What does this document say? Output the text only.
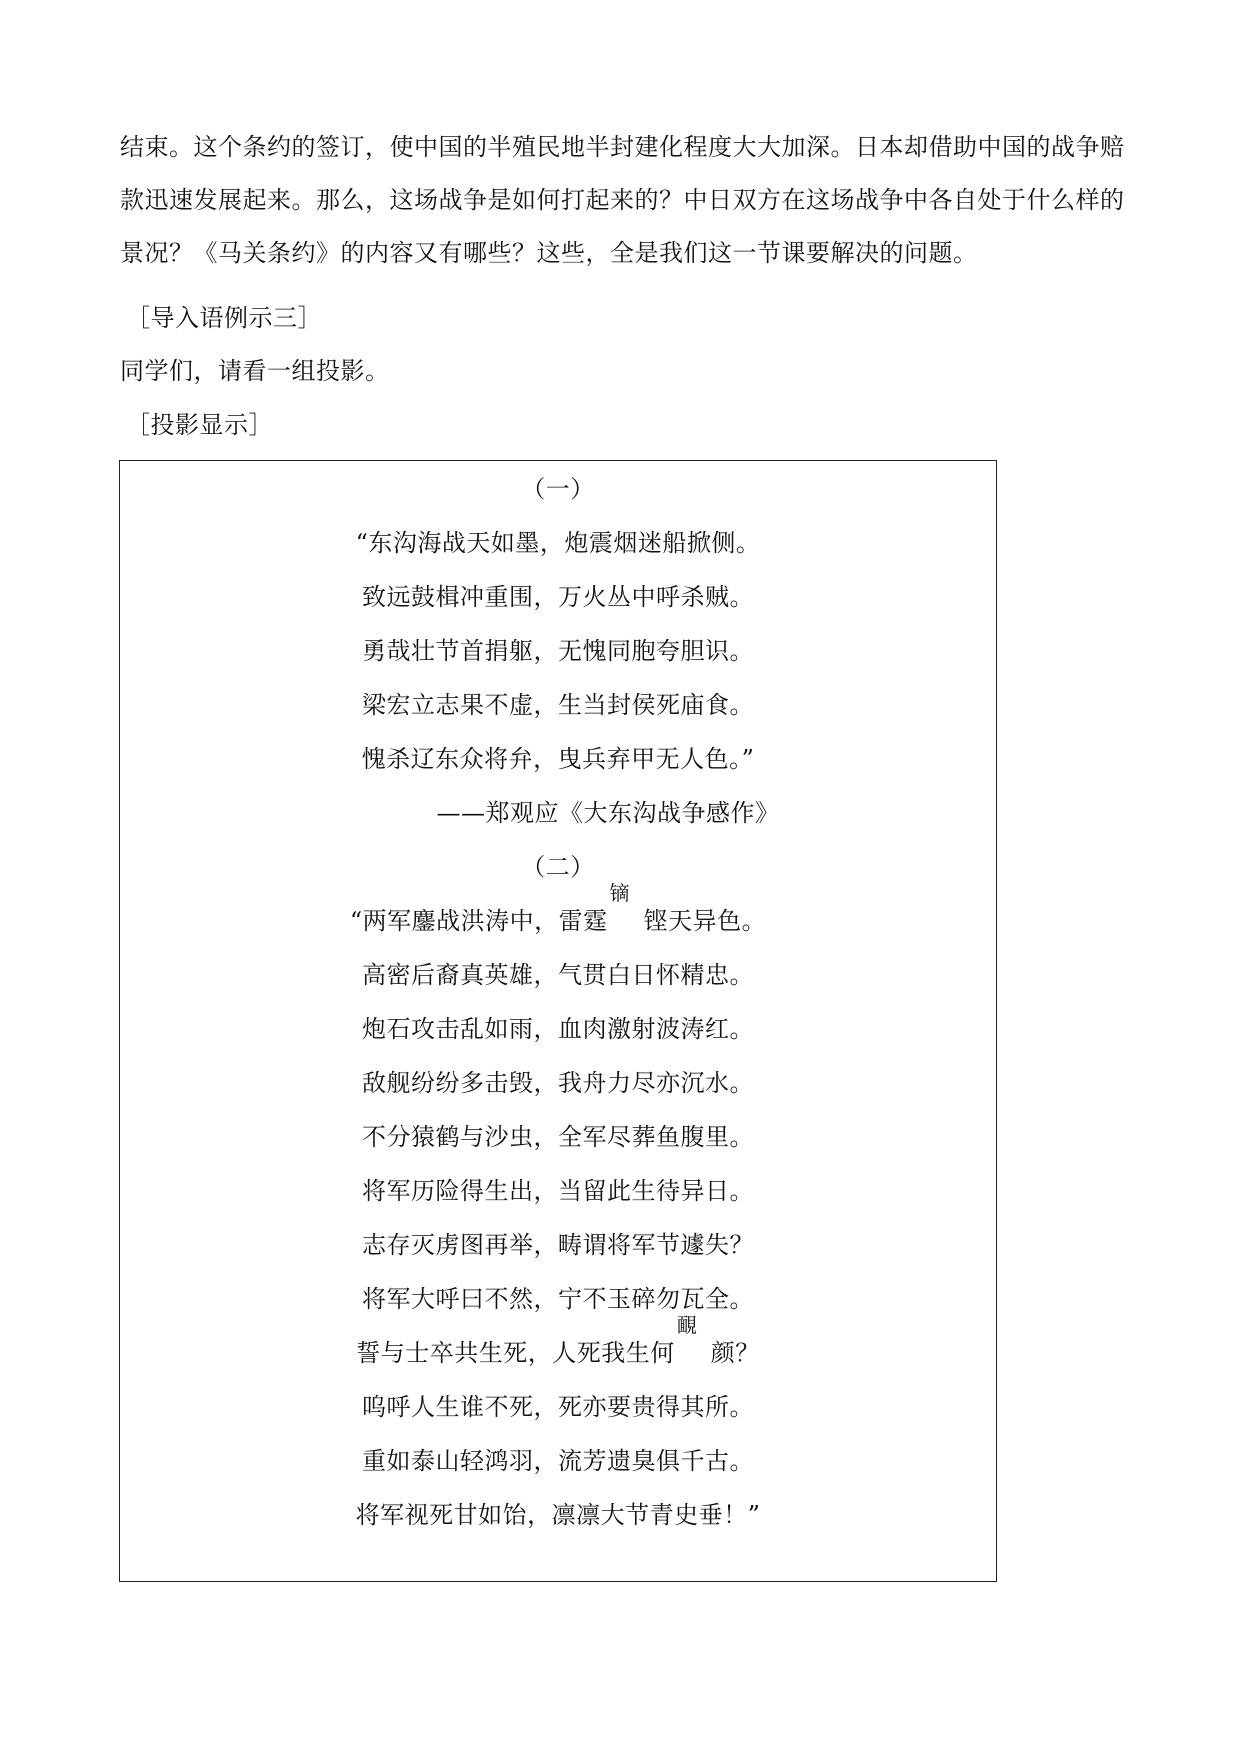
结束。这个条约的签订，使中国的半殖民地半封建化程度大大加深。日本却借助中国的战争赔款迅速发展起来。那么，这场战争是如何打起来的？中日双方在这场战争中各自处于什么样的景况？《马关条约》的内容又有哪些？这些，全是我们这一节课要解决的问题。

［导入语例示三］

同学们，请看一组投影。

［投影显示］

（一）

“东沟海战天如墨，炮震烟迷船掀侧。

致远鼓楫冲重围，万火丛中呼杀贼。

勇哉壮节首捐躯，无愧同胞夸胆识。

梁宏立志果不虚，生当封侯死庙食。

愧杀辽东众将弁，曳兵弃甲无人色。”

——郑观应《大东沟战争感作》

（二）

“两军鏖战洪涛中，雷霆
镝
铿天异色。

高密后裔真英雄，气贯白日怀精忠。

炮石攻击乱如雨，血肉激射波涛红。

敌舰纷纷多击毁，我舟力尽亦沉水。

不分猿鹤与沙虫，全军尽葬鱼腹里。

将军历险得生出，当留此生待异日。

志存灭虏图再举，畴谓将军节遽失？

将军大呼曰不然，宁不玉碎勿瓦全。

誓与士卒共生死，人死我生何
靦
颜？

呜呼人生谁不死，死亦要贵得其所。

重如泰山轻鸿羽，流芳遗臭俱千古。

将军视死甘如饴，凛凛大节青史垂！”
